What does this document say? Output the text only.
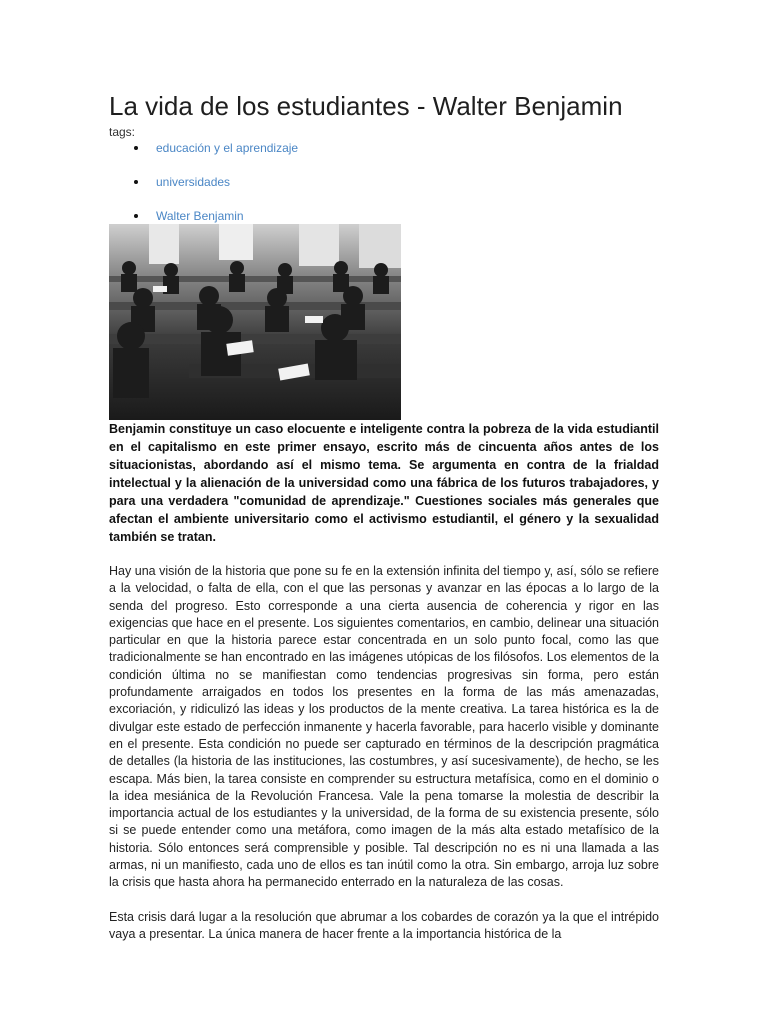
La vida de los estudiantes - Walter Benjamin
tags:
educación y el aprendizaje
universidades
Walter Benjamin

Benjamin constituye un caso elocuente e inteligente contra la pobreza de la vida estudiantil en el capitalismo en este primer ensayo, escrito más de cincuenta años antes de los situacionistas, abordando así el mismo tema. Se argumenta en contra de la frialdad intelectual y la alienación de la universidad como una fábrica de los futuros trabajadores, y para una verdadera "comunidad de aprendizaje." Cuestiones sociales más generales que afectan el ambiente universitario como el activismo estudiantil, el género y la sexualidad también se tratan.

Hay una visión de la historia que pone su fe en la extensión infinita del tiempo y, así, sólo se refiere a la velocidad, o falta de ella, con el que las personas y avanzar en las épocas a lo largo de la senda del progreso. Esto corresponde a una cierta ausencia de coherencia y rigor en las exigencias que hace en el presente. Los siguientes comentarios, en cambio, delinear una situación particular en que la historia parece estar concentrada en un solo punto focal, como las que tradicionalmente se han encontrado en las imágenes utópicas de los filósofos. Los elementos de la condición última no se manifiestan como tendencias progresivas sin forma, pero están profundamente arraigados en todos los presentes en la forma de las más amenazadas, excoriación, y ridiculizó las ideas y los productos de la mente creativa. La tarea histórica es la de divulgar este estado de perfección inmanente y hacerla favorable, para hacerlo visible y dominante en el presente. Esta condición no puede ser capturado en términos de la descripción pragmática de detalles (la historia de las instituciones, las costumbres, y así sucesivamente), de hecho, se les escapa. Más bien, la tarea consiste en comprender su estructura metafísica, como en el dominio o la idea mesiánica de la Revolución Francesa. Vale la pena tomarse la molestia de describir la importancia actual de los estudiantes y la universidad, de la forma de su existencia presente, sólo si se puede entender como una metáfora, como imagen de la más alta estado metafísico de la historia. Sólo entonces será comprensible y posible. Tal descripción no es ni una llamada a las armas, ni un manifiesto, cada uno de ellos es tan inútil como la otra. Sin embargo, arroja luz sobre la crisis que hasta ahora ha permanecido enterrado en la naturaleza de las cosas.

Esta crisis dará lugar a la resolución que abrumar a los cobardes de corazón ya la que el intrépido vaya a presentar. La única manera de hacer frente a la importancia histórica de la
